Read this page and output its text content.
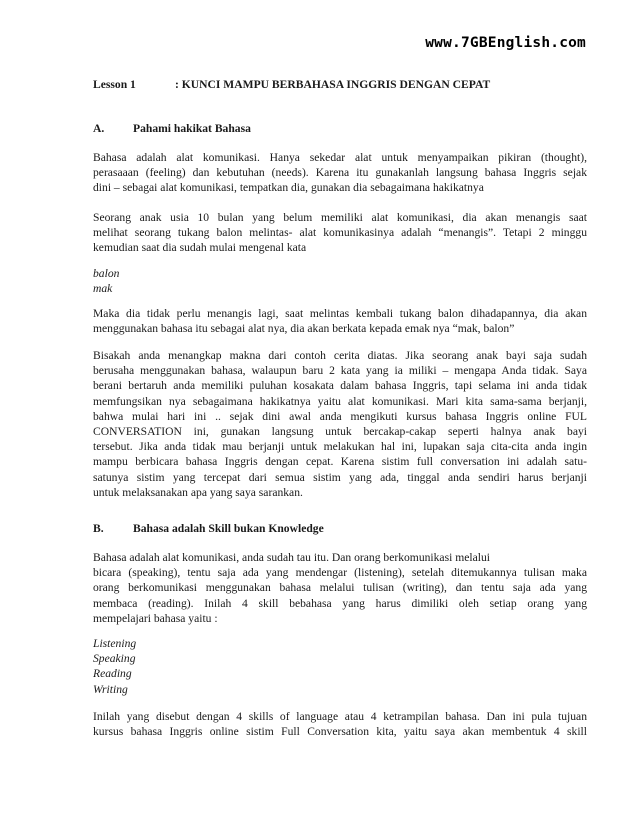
www.7GBEnglish.com
Lesson 1	: KUNCI MAMPU BERBAHASA INGGRIS DENGAN CEPAT
A. Pahami hakikat Bahasa
Bahasa adalah alat komunikasi. Hanya sekedar alat untuk menyampaikan pikiran (thought),
perasaaan (feeling) dan kebutuhan (needs). Karena itu gunakanlah langsung bahasa Inggris sejak
dini – sebagai alat komunikasi, tempatkan dia, gunakan dia sebagaimana hakikatnya
Seorang anak usia 10 bulan yang belum memiliki alat komunikasi, dia akan menangis saat
melihat seorang tukang balon melintas- alat komunikasinya adalah “menangis”. Tetapi 2 minggu
kemudian saat dia sudah mulai mengenal kata
balon
mak
Maka dia tidak perlu menangis lagi, saat melintas kembali tukang balon dihadapannya, dia akan
menggunakan bahasa itu sebagai alat nya, dia akan berkata kepada emak nya “mak, balon”
Bisakah anda menangkap makna dari contoh cerita diatas. Jika seorang anak bayi saja sudah
berusaha menggunakan bahasa, walaupun baru 2 kata yang ia miliki – mengapa Anda tidak. Saya
berani bertaruh anda memiliki puluhan kosakata dalam bahasa Inggris, tapi selama ini anda tidak
memfungsikan nya sebagaimana hakikatnya yaitu alat komunikasi. Mari kita sama-sama berjanji,
bahwa mulai hari ini .. sejak dini awal anda mengikuti kursus bahasa Inggris online FUL
CONVERSATION ini, gunakan langsung untuk bercakap-cakap seperti halnya anak bayi
tersebut. Jika anda tidak mau berjanji untuk melakukan hal ini, lupakan saja cita-cita anda ingin
mampu berbicara bahasa Inggris dengan cepat. Karena sistim full conversation ini adalah satu-
satunya sistim yang tercepat dari semua sistim yang ada, tinggal anda sendiri harus berjanji
untuk melaksanakan apa yang saya sarankan.
B.	Bahasa adalah Skill bukan Knowledge
Bahasa adalah alat komunikasi, anda sudah tau itu. Dan orang berkomunikasi melalui
bicara (speaking), tentu saja ada yang mendengar (listening), setelah ditemukannya tulisan maka
orang berkomunikasi menggunakan bahasa melalui tulisan (writing), dan tentu saja ada yang
membaca (reading). Inilah 4 skill bebahasa yang harus dimiliki oleh setiap orang yang
mempelajari bahasa yaitu :
Listening
Speaking
Reading
Writing
Inilah yang disebut dengan 4 skills of language atau 4 ketrampilan bahasa. Dan ini pula tujuan
kursus bahasa Inggris online sistim Full Conversation kita, yaitu saya akan membentuk 4 skill
